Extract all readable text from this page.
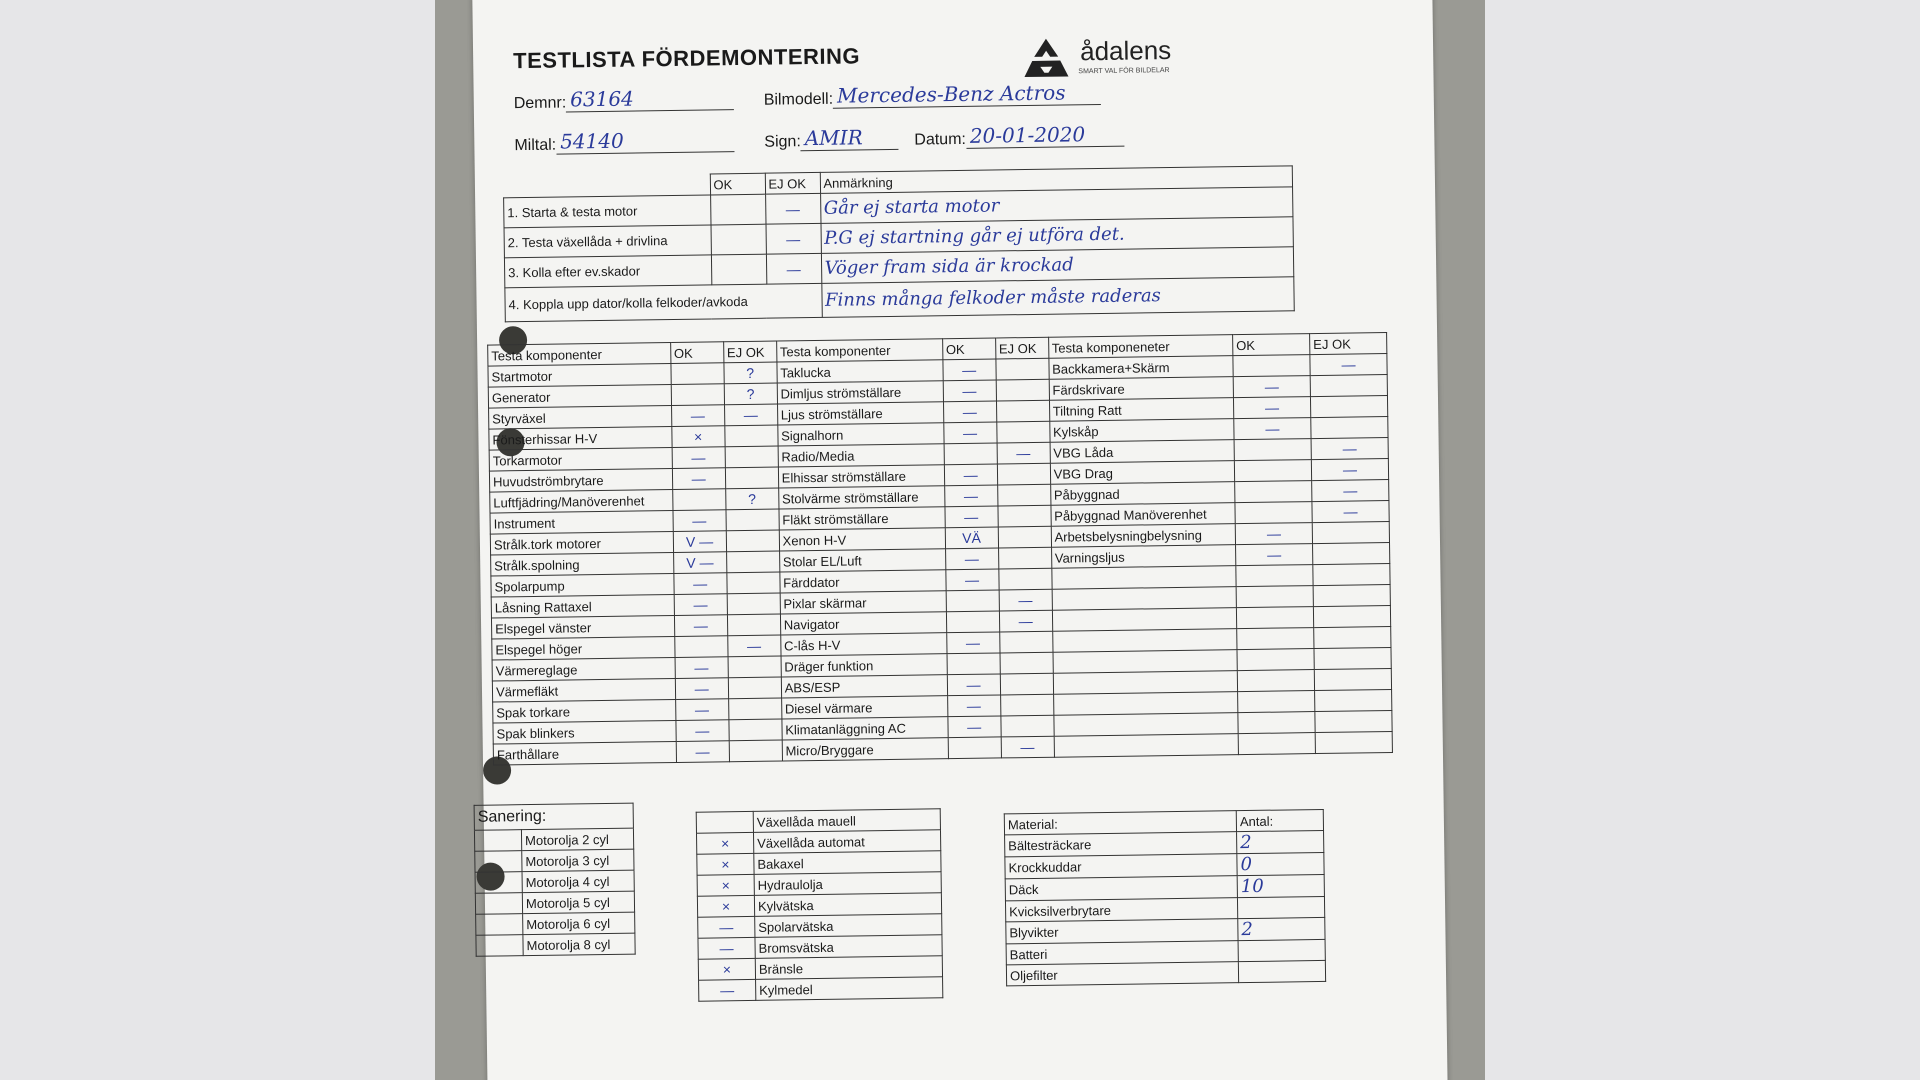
TESTLISTA FÖRDEMONTERING	ådalens
SMART VAL FÖR BILDELAR
Demnr: 63164	Bilmodell: Mercedes-Benz Actros
Miltal: 54140	Sign: AMIR	Datum: 20-01-2020
	OK	EJ OK	Anmärkning
1. Starta & testa motor		—	Går ej starta motor
2. Testa växellåda + drivlina		—	P.G ej startning går ej utföra det.
3. Kolla efter ev.skador		—	Vöger fram sida är krockad
4. Koppla upp dator/kolla felkoder/avkoda			Finns många felkoder måste raderas
Testa komponenter	OK	EJ OK	Testa komponenter	OK	EJ OK	Testa komponeneter	OK	EJ OK
Startmotor		?	Taklucka	—		Backkamera+Skärm		—
Generator		?	Dimljus strömställare	—		Färdskrivare	—	
Styrväxel	—	—	Ljus strömställare	—		Tiltning Ratt	—	
Fönsterhissar H-V	×		Signalhorn	—		Kylskåp	—	
Torkarmotor	—		Radio/Media		—	VBG Låda		—
Huvudströmbrytare	—		Elhissar strömställare	—		VBG Drag		—
Luftfjädring/Manöverenhet		?	Stolvärme strömställare	—		Påbyggnad		—
Instrument	—		Fläkt strömställare	—		Påbyggnad Manöverenhet		—
Strålk.tork motorer	V —		Xenon H-V	VÄ		Arbetsbelysningbelysning	—	
Strålk.spolning	V —		Stolar EL/Luft	—		Varningsljus	—	
Spolarpump	—		Färddator	—				
Låsning Rattaxel	—		Pixlar skärmar		—			
Elspegel vänster	—		Navigator		—			
Elspegel höger		—	C-lås H-V	—				
Värmereglage	—		Dräger funktion					
Värmefläkt	—		ABS/ESP	—				
Spak torkare	—		Diesel värmare	—				
Spak blinkers	—		Klimatanläggning AC	—				
Farthållare	—		Micro/Bryggare		—			
Sanering:	
	Motorolja 2 cyl
	Motorolja 3 cyl
	Motorolja 4 cyl
	Motorolja 5 cyl
	Motorolja 6 cyl
	Motorolja 8 cyl
	Växellåda mauell
×	Växellåda automat
×	Bakaxel
×	Hydraulolja
×	Kylvätska
—	Spolarvätska
—	Bromsvätska
×	Bränsle
—	Kylmedel
Material:	Antal:
Bältesträckare	2
Krockkuddar	0
Däck	10
Kvicksilverbrytare	
Blyvikter	2
Batteri	
Oljefilter	
